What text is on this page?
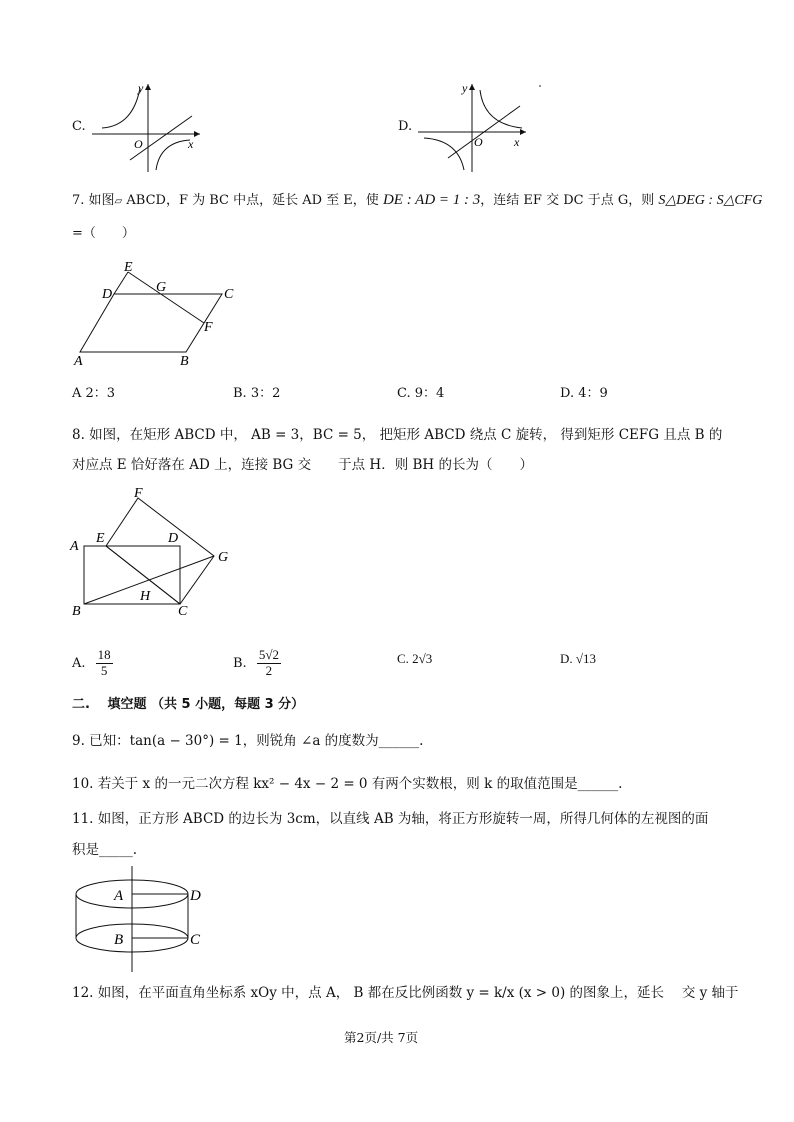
C.
y
O	x
D.
y
O	x
7. 如图▱ ABCD，F 为 BC 中点，延长 AD 至 E，使 DE : AD = 1 : 3，连结 EF 交 DC 于点 G，则 S△DEG : S△CFG
=（　　）
E
D	G	C
F
A	B
A 2：3	B. 3：2	C. 9：4	D. 4：9
8. 如图，在矩形 ABCD 中， AB = 3，BC = 5， 把矩形 ABCD 绕点 C 旋转， 得到矩形 CEFG 且点 B 的
对应点 E 恰好落在 AD 上，连接 BG 交　　于点 H．则 BH 的长为（　　）
F
A
E	D
G
H
B	C
A. $\frac{18}{5}$	B. $\frac{5√2}{2}$	C. 2√3	D. √13
二.　 填空题 （共 5 小题，每题 3 分）
9. 已知：tan(a − 30°) = 1，则锐角 ∠a 的度数为______.
10. 若关于 x 的一元二次方程 kx² − 4x − 2 = 0 有两个实数根，则 k 的取值范围是______.
11. 如图，正方形 ABCD 的边长为 3cm，以直线 AB 为轴，将正方形旋转一周，所得几何体的左视图的面
积是_____.
A	D
B	C
12. 如图，在平面直角坐标系 xOy 中，点 A， B 都在反比例函数 y = k/x (x > 0) 的图象上，延长　 交 y 轴于
第2页/共 7页
